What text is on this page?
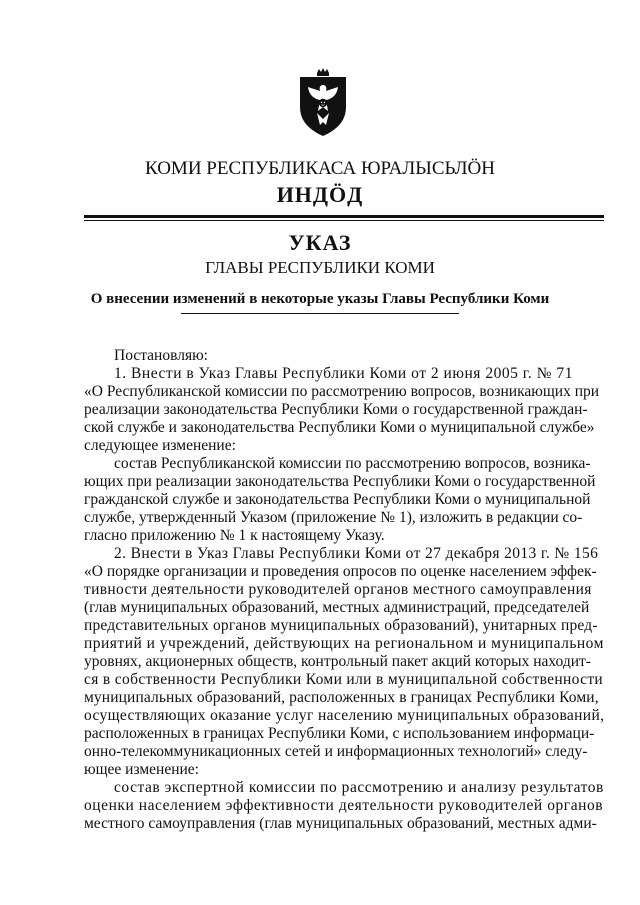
КОМИ РЕСПУБЛИКАСА ЮРАЛЫСЬЛÖН
ИНДÖД
УКАЗ
ГЛАВЫ РЕСПУБЛИКИ КОМИ
О внесении изменений в некоторые указы Главы Республики Коми
Постановляю:
1. Внести в Указ Главы Республики Коми от 2 июня 2005 г. № 71
«О Республиканской комиссии по рассмотрению вопросов, возникающих при
реализации законодательства Республики Коми о государственной граждан-
ской службе и законодательства Республики Коми о муниципальной службе»
следующее изменение:
состав Республиканской комиссии по рассмотрению вопросов, возника-
ющих при реализации законодательства Республики Коми о государственной
гражданской службе и законодательства Республики Коми о муниципальной
службе, утвержденный Указом (приложение № 1), изложить в редакции со-
гласно приложению № 1 к настоящему Указу.
2. Внести в Указ Главы Республики Коми от 27 декабря 2013 г. № 156
«О порядке организации и проведения опросов по оценке населением эффек-
тивности деятельности руководителей органов местного самоуправления
(глав муниципальных образований, местных администраций, председателей
представительных органов муниципальных образований), унитарных пред-
приятий и учреждений, действующих на региональном и муниципальном
уровнях, акционерных обществ, контрольный пакет акций которых находит-
ся в собственности Республики Коми или в муниципальной собственности
муниципальных образований, расположенных в границах Республики Коми,
осуществляющих оказание услуг населению муниципальных образований,
расположенных в границах Республики Коми, с использованием информаци-
онно-телекоммуникационных сетей и информационных технологий» следу-
ющее изменение:
состав экспертной комиссии по рассмотрению и анализу результатов
оценки населением эффективности деятельности руководителей органов
местного самоуправления (глав муниципальных образований, местных адми-
